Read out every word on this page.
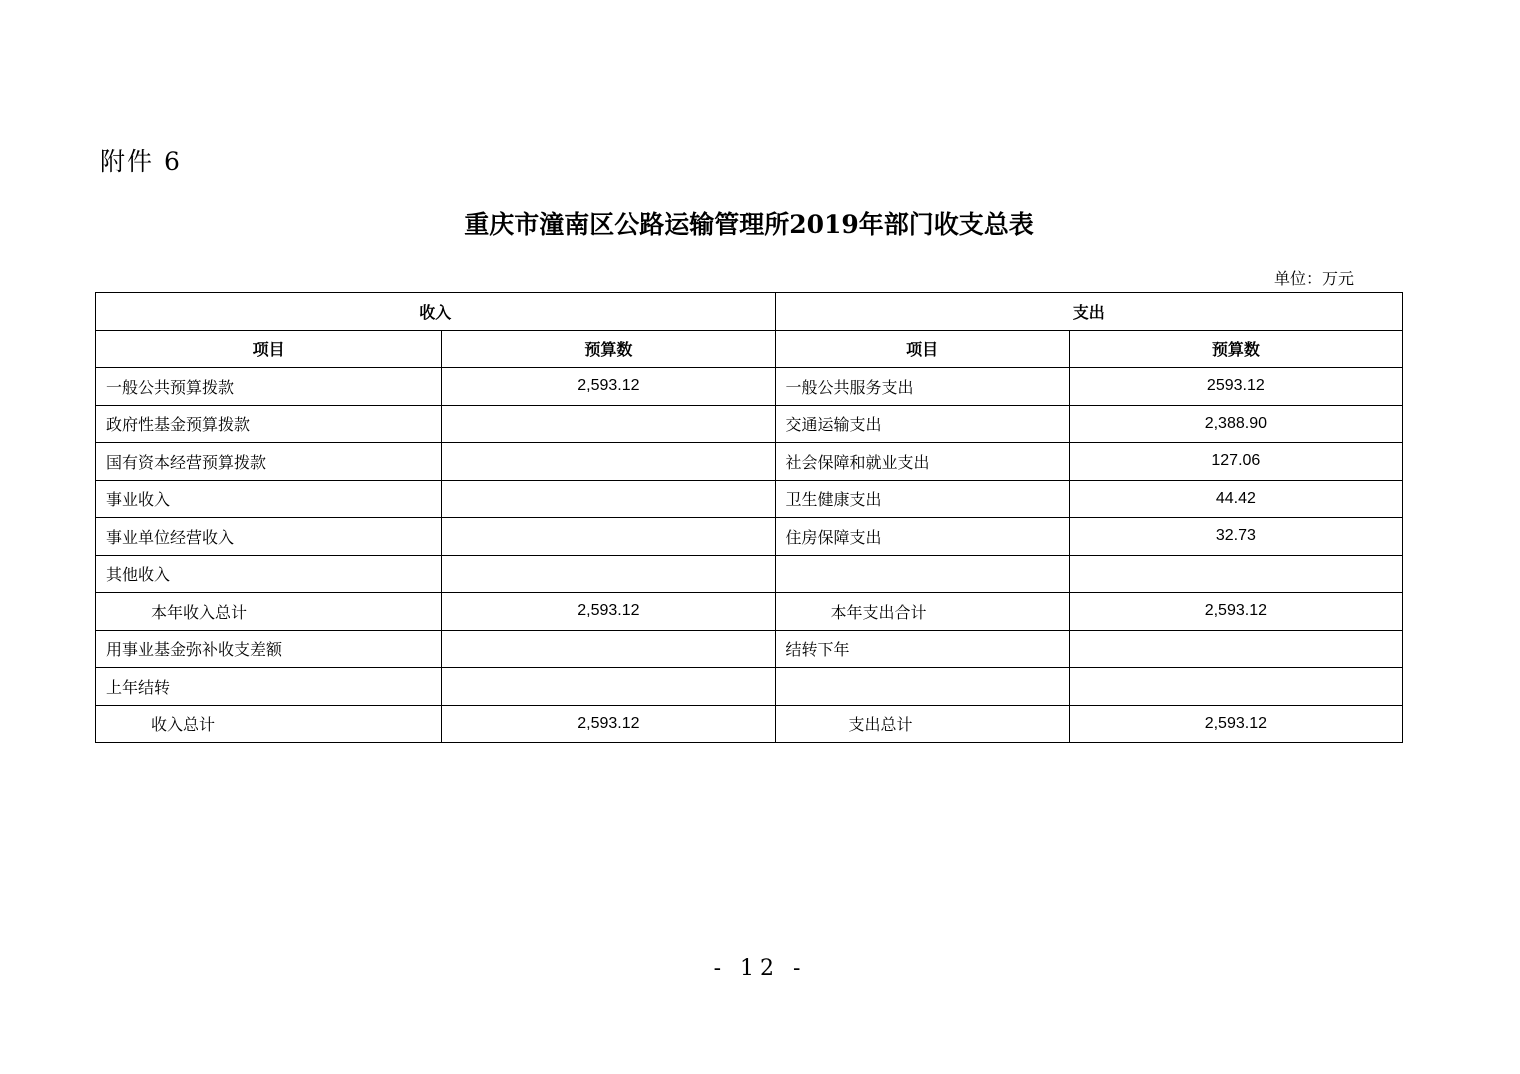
附件 6
重庆市潼南区公路运输管理所2019年部门收支总表
单位：万元
收入		支出	
项目	预算数	项目	预算数
一般公共预算拨款	2,593.12	一般公共服务支出	2593.12
政府性基金预算拨款		交通运输支出	2,388.90
国有资本经营预算拨款		社会保障和就业支出	127.06
事业收入		卫生健康支出	44.42
事业单位经营收入		住房保障支出	32.73
其他收入			
本年收入总计	2,593.12	本年支出合计	2,593.12
用事业基金弥补收支差额		结转下年	
上年结转			
收入总计	2,593.12	支出总计	2,593.12
- 12 -
